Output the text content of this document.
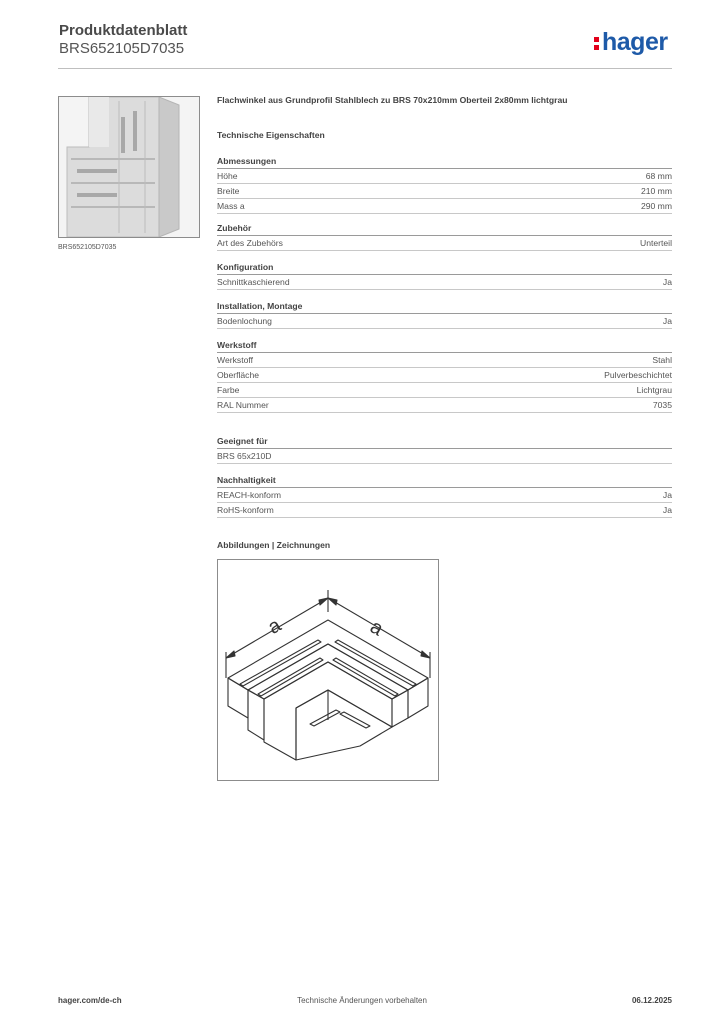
Produktdatenblatt
BRS652105D7035	hager
BRS652105D7035
Flachwinkel aus Grundprofil Stahlblech zu BRS 70x210mm Oberteil 2x80mm lichtgrau
Technische Eigenschaften
Abmessungen
Höhe	68 mm
Breite	210 mm
Mass a	290 mm
Zubehör
Art des Zubehörs	Unterteil
Konfiguration
Schnittkaschierend	Ja
Installation, Montage
Bodenlochung	Ja
Werkstoff
Werkstoff	Stahl
Oberfläche	Pulverbeschichtet
Farbe	Lichtgrau
RAL Nummer	7035
Geeignet für
BRS 65x210D
Nachhaltigkeit
REACH-konform	Ja
RoHS-konform	Ja
Abbildungen | Zeichnungen
a	a
hager.com/de-ch	Technische Änderungen vorbehalten	06.12.2025
